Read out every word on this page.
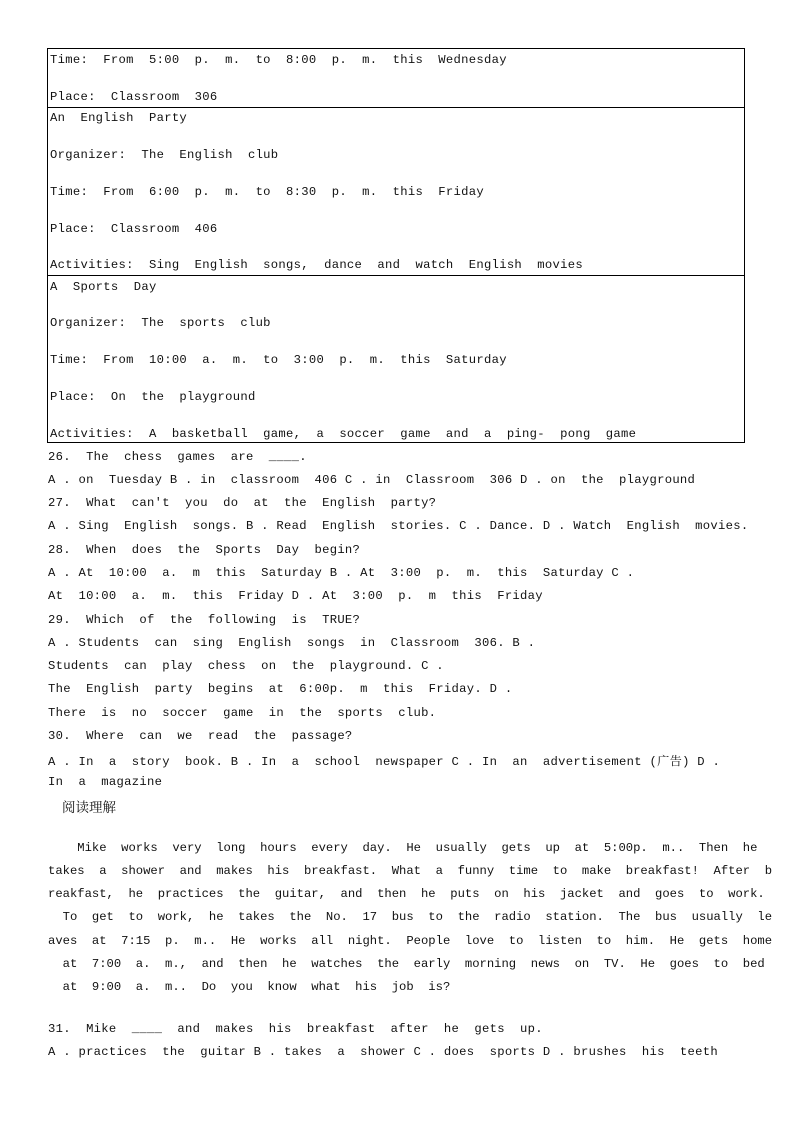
Time:  From  5:00  p.  m.  to  8:00  p.  m.  this  Wednesday
Place:  Classroom  306
An  English  Party
Organizer:  The  English  club
Time:  From  6:00  p.  m.  to  8:30  p.  m.  this  Friday
Place:  Classroom  406
Activities:  Sing  English  songs,  dance  and  watch  English  movies
A  Sports  Day
Organizer:  The  sports  club
Time:  From  10:00  a.  m.  to  3:00  p.  m.  this  Saturday
Place:  On  the  playground
Activities:  A  basketball  game,  a  soccer  game  and  a  ping-  pong  game
26.  The  chess  games  are  ____.
A . on  Tuesday B . in  classroom  406 C . in  Classroom  306 D . on  the  playground
27.  What  can't  you  do  at  the  English  party?
A . Sing  English  songs. B . Read  English  stories. C . Dance. D . Watch  English  movies.
28.  When  does  the  Sports  Day  begin?
A . At  10:00  a.  m  this  Saturday B . At  3:00  p.  m.  this  Saturday C .
At  10:00  a.  m.  this  Friday D . At  3:00  p.  m  this  Friday
29.  Which  of  the  following  is  TRUE?
A . Students  can  sing  English  songs  in  Classroom  306. B .
Students  can  play  chess  on  the  playground. C .
The  English  party  begins  at  6:00p.  m  this  Friday. D .
There  is  no  soccer  game  in  the  sports  club.
30.  Where  can  we  read  the  passage?
A . In  a  story  book. B . In  a  school  newspaper C . In  an  advertisement (广告) D .
In  a  magazine
阅读理解
Mike  works  very  long  hours  every  day.  He  usually  gets  up  at  5:00p.  m..  Then  he
takes  a  shower  and  makes  his  breakfast.  What  a  funny  time  to  make  breakfast!  After  b
reakfast,  he  practices  the  guitar,  and  then  he  puts  on  his  jacket  and  goes  to  work.
To  get  to  work,  he  takes  the  No.  17  bus  to  the  radio  station.  The  bus  usually  le
aves  at  7:15  p.  m..  He  works  all  night.  People  love  to  listen  to  him.  He  gets  home
at  7:00  a.  m.,  and  then  he  watches  the  early  morning  news  on  TV.  He  goes  to  bed
at  9:00  a.  m..  Do  you  know  what  his  job  is?
31.  Mike  ____  and  makes  his  breakfast  after  he  gets  up.
A . practices  the  guitar B . takes  a  shower C . does  sports D . brushes  his  teeth
